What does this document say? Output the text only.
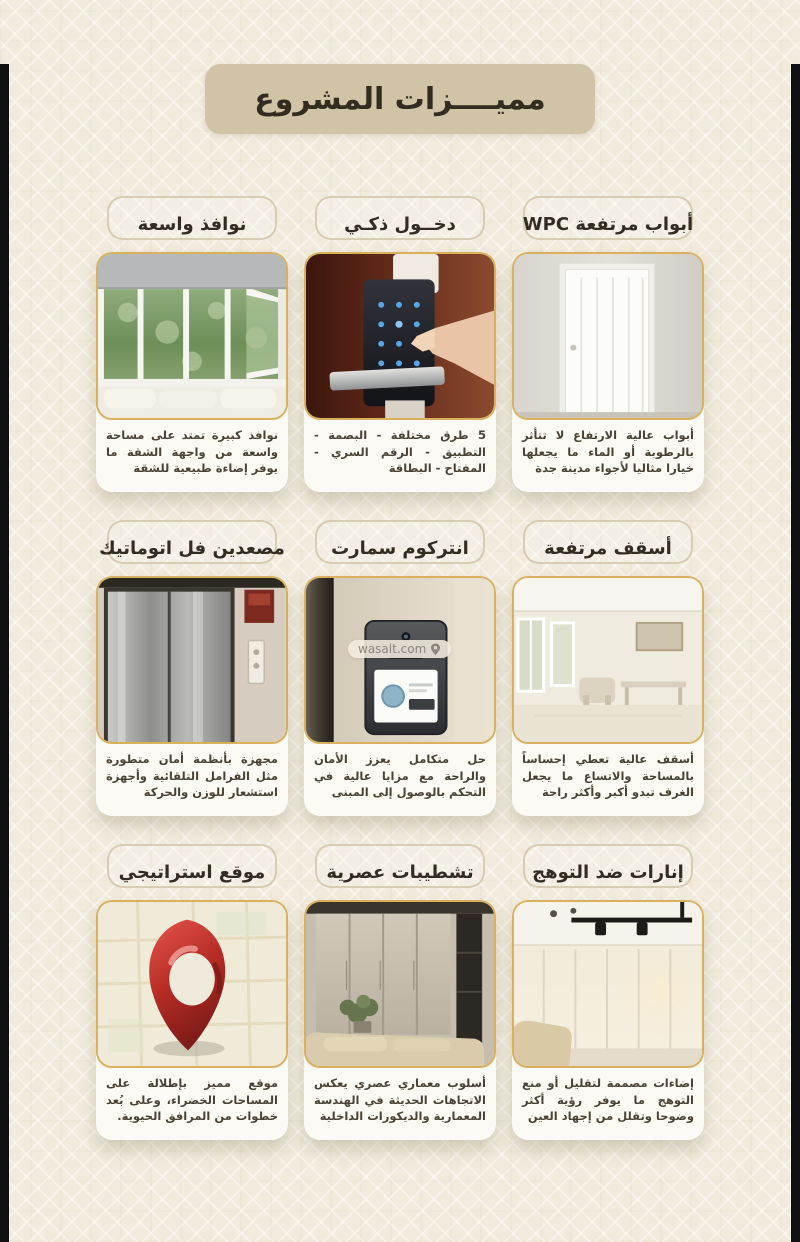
مميــــزات المشروع
wasalt.com
أبواب مرتفعة WPC

أبواب عالية الارتفاع لا تتأثر بالرطوبة أو الماء ما يجعلها خيارا مثاليا لأجواء مدينة جدة

دخــول ذكـي

5 طرق مختلفة - البصمة - التطبيق - الرقم السري - المفتاح - البطاقة

نوافذ واسعة

نوافذ كبيرة تمتد على مساحة واسعة من واجهة الشقة ما يوفر إضاءة طبيعية للشقة

أسقف مرتفعة

أسقف عالية تعطي إحساساً بالمساحة والاتساع ما يجعل الغرف تبدو أكبر وأكثر راحة

انتركوم سمارت

حل متكامل يعزز الأمان والراحة مع مزايا عالية في التحكم بالوصول إلى المبنى

مصعدين فل اتوماتيك

مجهزة بأنظمة أمان متطورة مثل الفرامل التلقائية وأجهزة استشعار للوزن والحركة

إنارات ضد التوهج

إضاءات مصممة لتقليل أو منع التوهج ما يوفر رؤية أكثر وضوحا وتقلل من إجهاد العين

تشطيبات عصرية

أسلوب معماري عصري يعكس الاتجاهات الحديثة في الهندسة المعمارية والديكورات الداخلية

موقع استراتيجي

موقع مميز بإطلالة على المساحات الخضراء، وعلى بُعد خطوات من المرافق الحيوية.
